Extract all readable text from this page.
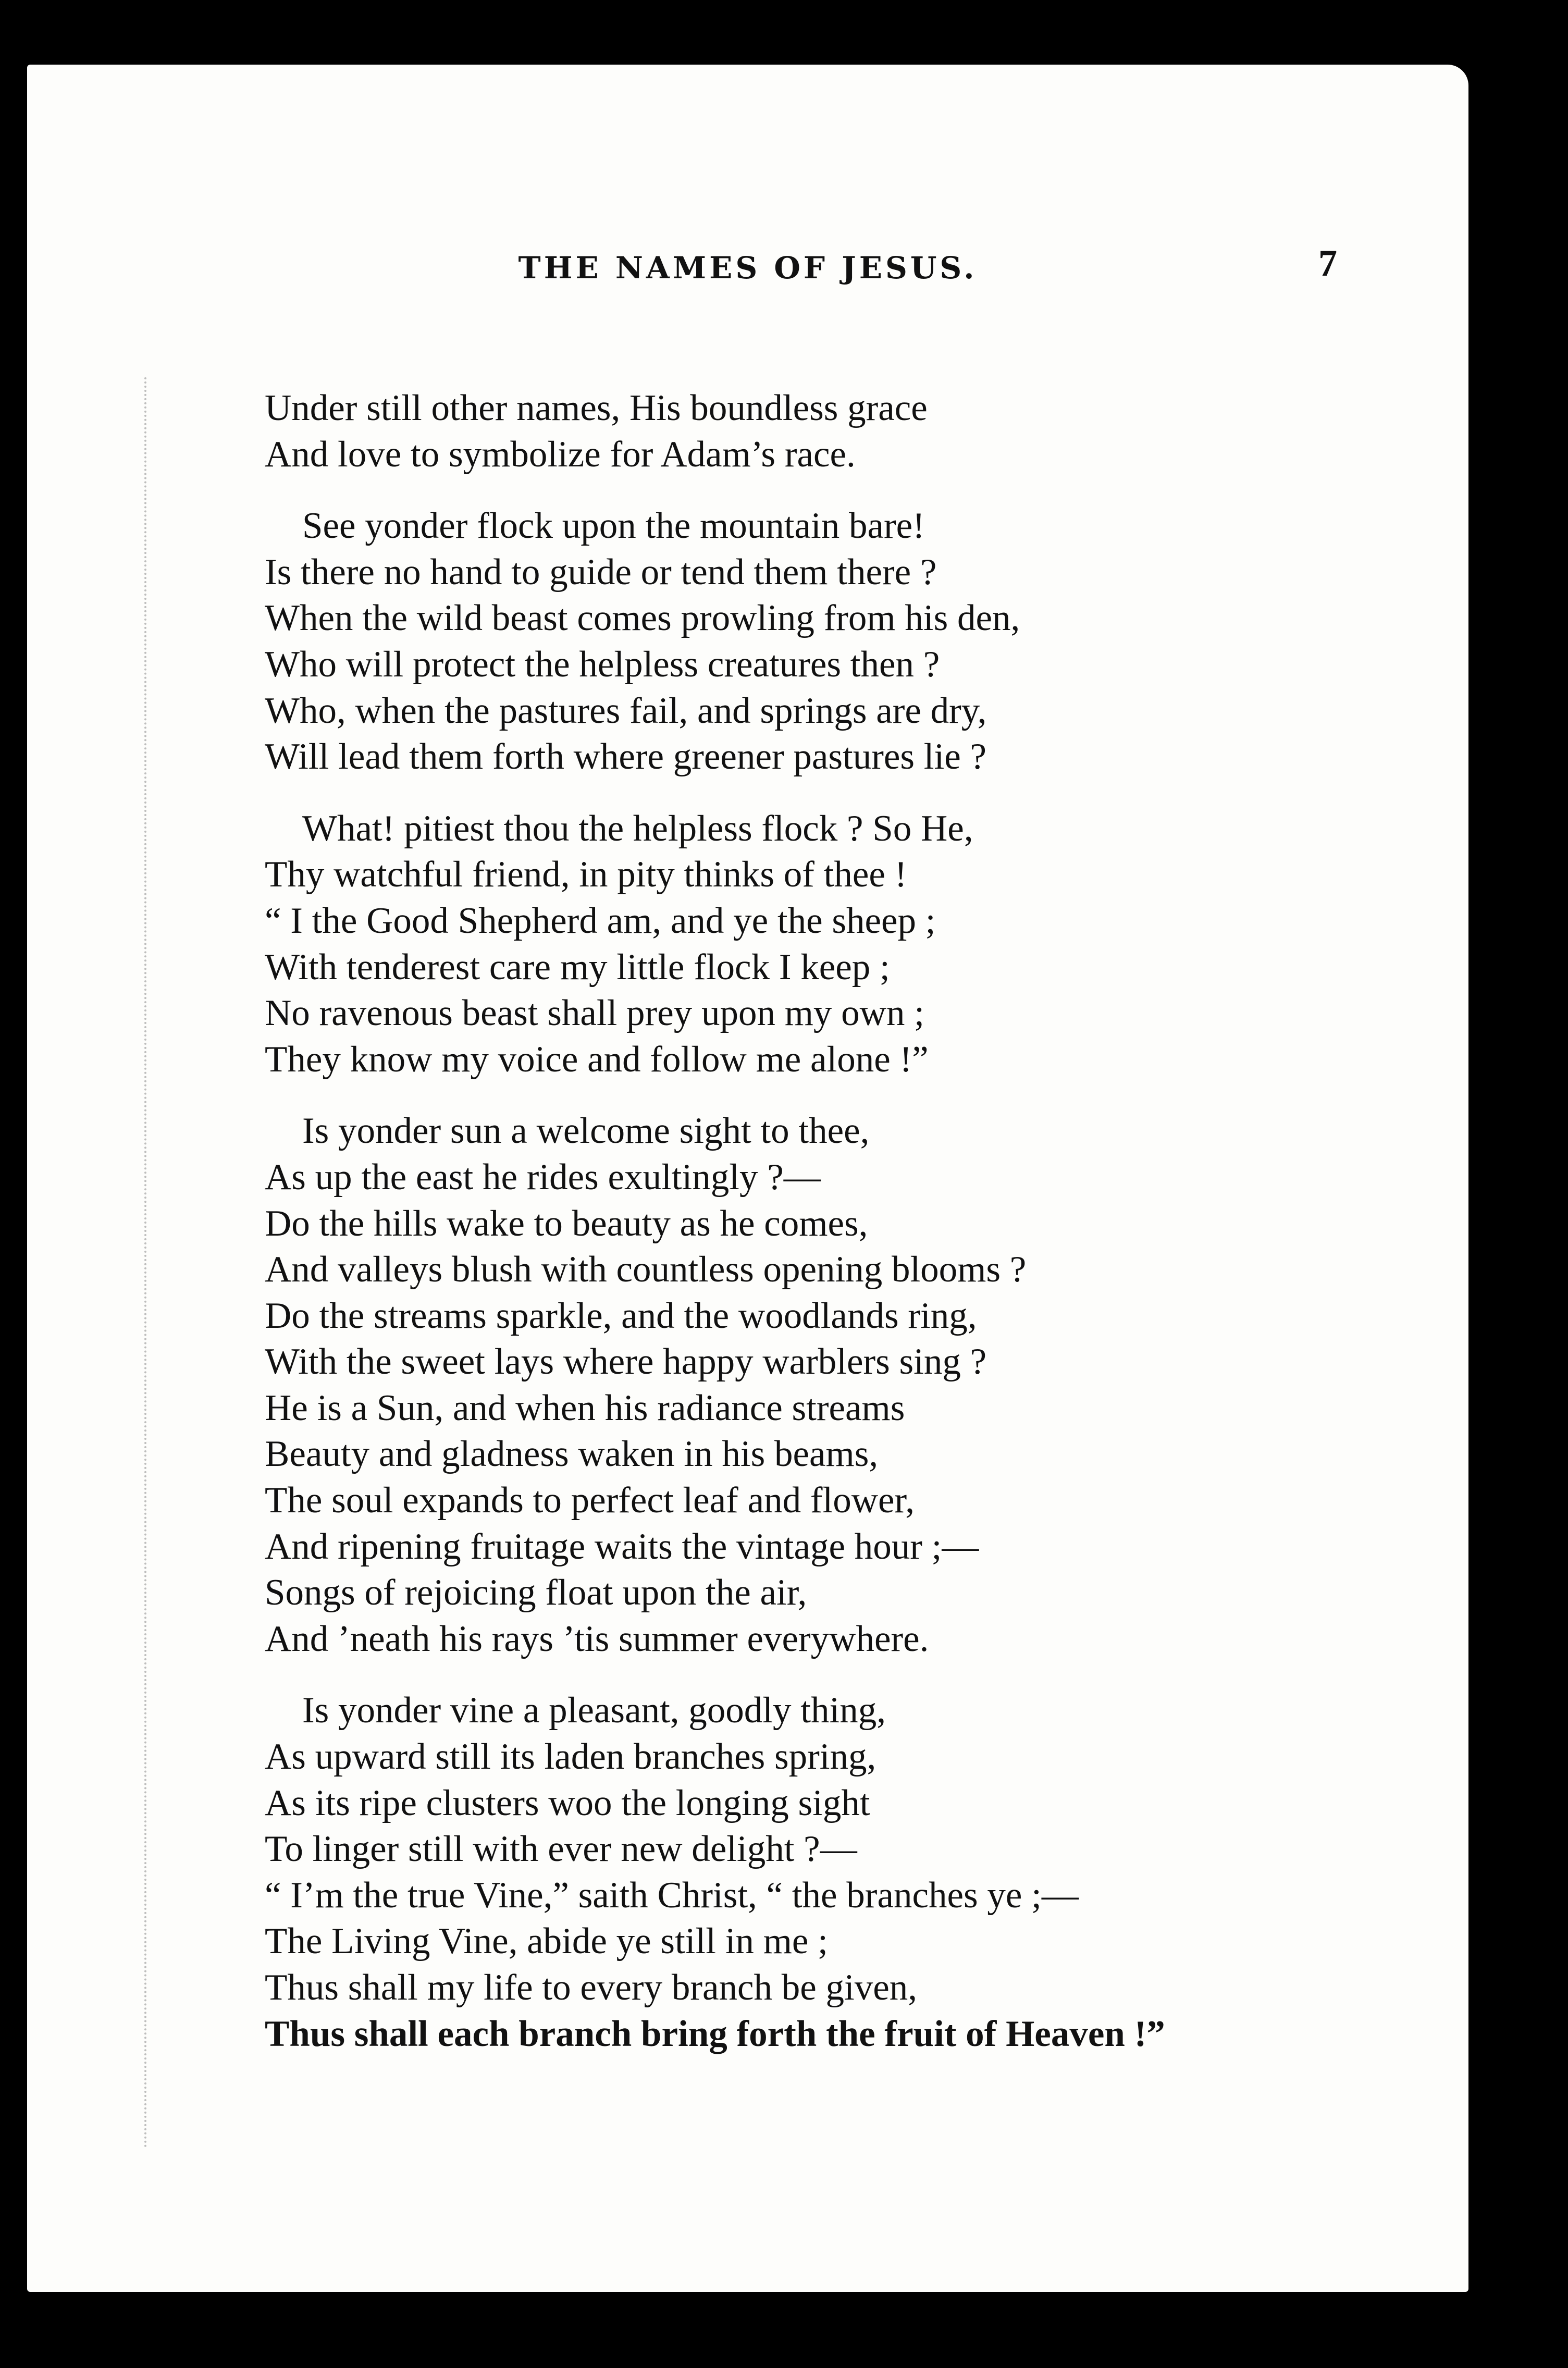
THE NAMES OF JESUS.	7
Under still other names, His boundless grace
And love to symbolize for Adam’s race.
See yonder flock upon the mountain bare!
Is there no hand to guide or tend them there ?
When the wild beast comes prowling from his den,
Who will protect the helpless creatures then ?
Who, when the pastures fail, and springs are dry,
Will lead them forth where greener pastures lie ?
What! pitiest thou the helpless flock ? So He,
Thy watchful friend, in pity thinks of thee !
“ I the Good Shepherd am, and ye the sheep ;
With tenderest care my little flock I keep ;
No ravenous beast shall prey upon my own ;
They know my voice and follow me alone !”
Is yonder sun a welcome sight to thee,
As up the east he rides exultingly ?—
Do the hills wake to beauty as he comes,
And valleys blush with countless opening blooms ?
Do the streams sparkle, and the woodlands ring,
With the sweet lays where happy warblers sing ?
He is a Sun, and when his radiance streams
Beauty and gladness waken in his beams,
The soul expands to perfect leaf and flower,
And ripening fruitage waits the vintage hour ;—
Songs of rejoicing float upon the air,
And ’neath his rays ’tis summer everywhere.
Is yonder vine a pleasant, goodly thing,
As upward still its laden branches spring,
As its ripe clusters woo the longing sight
To linger still with ever new delight ?—
“ I’m the true Vine,” saith Christ, “ the branches ye ;—
The Living Vine, abide ye still in me ;
Thus shall my life to every branch be given,
Thus shall each branch bring forth the fruit of Heaven !”
